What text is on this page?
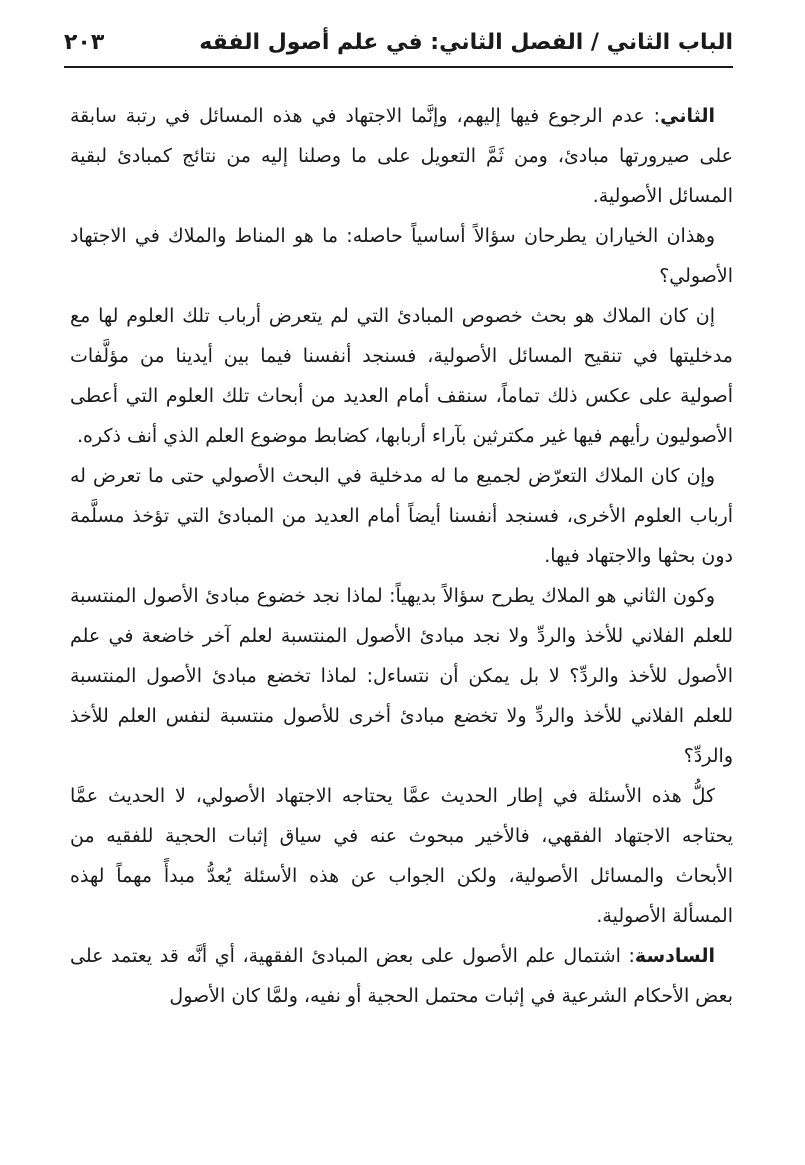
الباب الثاني / الفصل الثاني: في علم أصول الفقه
٢٠٣

الثاني: عدم الرجوع فيها إليهم، وإنَّما الاجتهاد في هذه المسائل في رتبة سابقة على صيرورتها مبادئ، ومن ثَمَّ التعويل على ما وصلنا إليه من نتائج كمبادئ لبقية المسائل الأصولية.

وهذان الخياران يطرحان سؤالاً أساسياً حاصله: ما هو المناط والملاك في الاجتهاد الأصولي؟

إن كان الملاك هو بحث خصوص المبادئ التي لم يتعرض أرباب تلك العلوم لها مع مدخليتها في تنقيح المسائل الأصولية، فسنجد أنفسنا فيما بين أيدينا من مؤلَّفات أصولية على عكس ذلك تماماً، سنقف أمام العديد من أبحاث تلك العلوم التي أعطى الأصوليون رأيهم فيها غير مكترثين بآراء أربابها، كضابط موضوع العلم الذي أنف ذكره.

وإن كان الملاك التعرّض لجميع ما له مدخلية في البحث الأصولي حتى ما تعرض له أرباب العلوم الأخرى، فسنجد أنفسنا أيضاً أمام العديد من المبادئ التي تؤخذ مسلَّمة دون بحثها والاجتهاد فيها.

وكون الثاني هو الملاك يطرح سؤالاً بديهياً: لماذا نجد خضوع مبادئ الأصول المنتسبة للعلم الفلاني للأخذ والردِّ ولا نجد مبادئ الأصول المنتسبة لعلم آخر خاضعة في علم الأصول للأخذ والردِّ؟ لا بل يمكن أن نتساءل: لماذا تخضع مبادئ الأصول المنتسبة للعلم الفلاني للأخذ والردِّ ولا تخضع مبادئ أخرى للأصول منتسبة لنفس العلم للأخذ والردِّ؟

كلُّ هذه الأسئلة في إطار الحديث عمَّا يحتاجه الاجتهاد الأصولي، لا الحديث عمَّا يحتاجه الاجتهاد الفقهي، فالأخير مبحوث عنه في سياق إثبات الحجية للفقيه من الأبحاث والمسائل الأصولية، ولكن الجواب عن هذه الأسئلة يُعدُّ مبدأً مهماً لهذه المسألة الأصولية.

السادسة: اشتمال علم الأصول على بعض المبادئ الفقهية، أي أنَّه قد يعتمد على بعض الأحكام الشرعية في إثبات محتمل الحجية أو نفيه، ولمَّا كان الأصول
